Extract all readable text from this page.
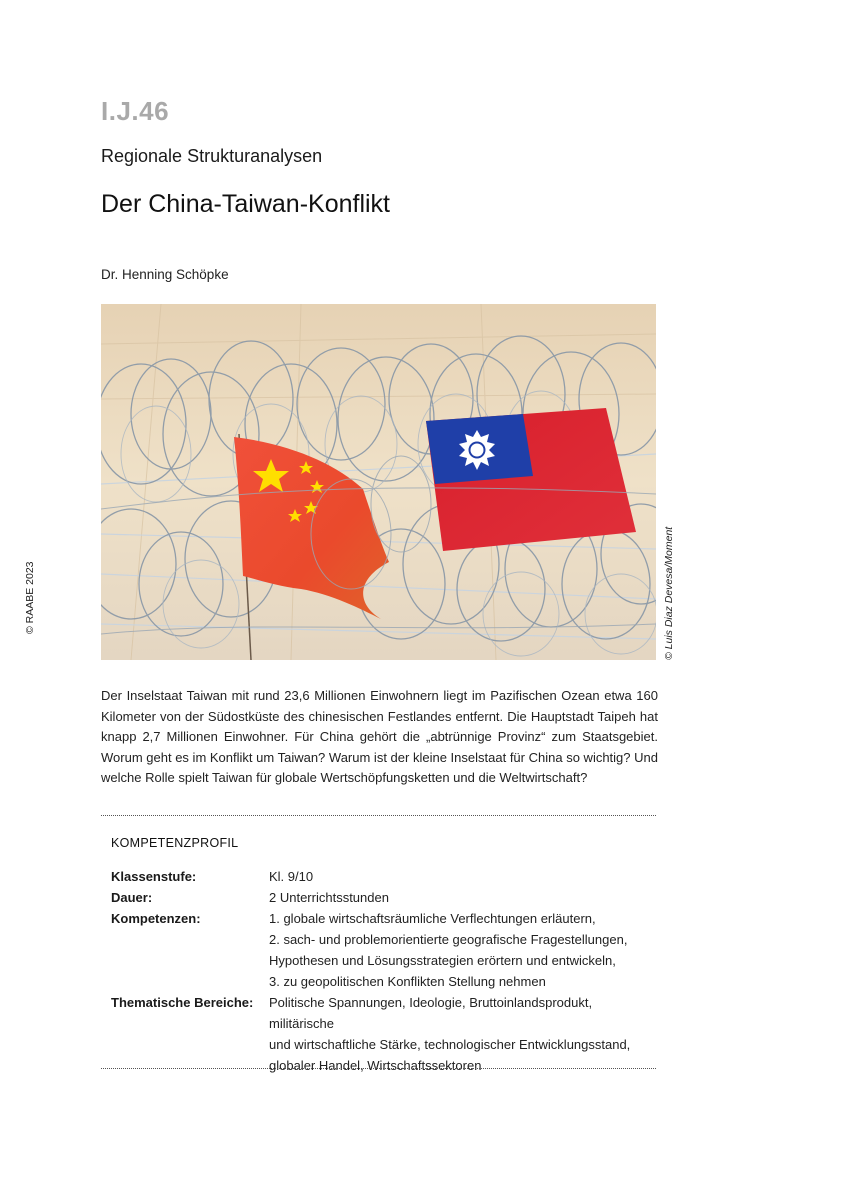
I.J.46
Regionale Strukturanalysen
Der China-Taiwan-Konflikt
Dr. Henning Schöpke
© RAABE 2023	© Luis Diaz Devesa/Moment

Der Inselstaat Taiwan mit rund 23,6 Millionen Einwohnern liegt im Pazifischen Ozean etwa 160 Kilometer von der Südostküste des chinesischen Festlandes entfernt. Die Hauptstadt Taipeh hat knapp 2,7 Millionen Einwohner. Für China gehört die „abtrünnige Provinz“ zum Staatsgebiet. Worum geht es im Konflikt um Taiwan? Warum ist der kleine Inselstaat für China so wichtig? Und welche Rolle spielt Taiwan für globale Wertschöpfungsketten und die Weltwirtschaft?

KOMPETENZPROFIL
Klassenstufe:	Kl. 9/10
Dauer:	2 Unterrichtsstunden
Kompetenzen:	1. globale wirtschaftsräumliche Verflechtungen erläutern,
2. sach- und problemorientierte geografische Fragestellungen,
Hypothesen und Lösungsstrategien erörtern und entwickeln,
3. zu geopolitischen Konflikten Stellung nehmen
Thematische Bereiche:	Politische Spannungen, Ideologie, Bruttoinlandsprodukt, militärische
und wirtschaftliche Stärke, technologischer Entwicklungsstand,
globaler Handel, Wirtschaftssektoren
